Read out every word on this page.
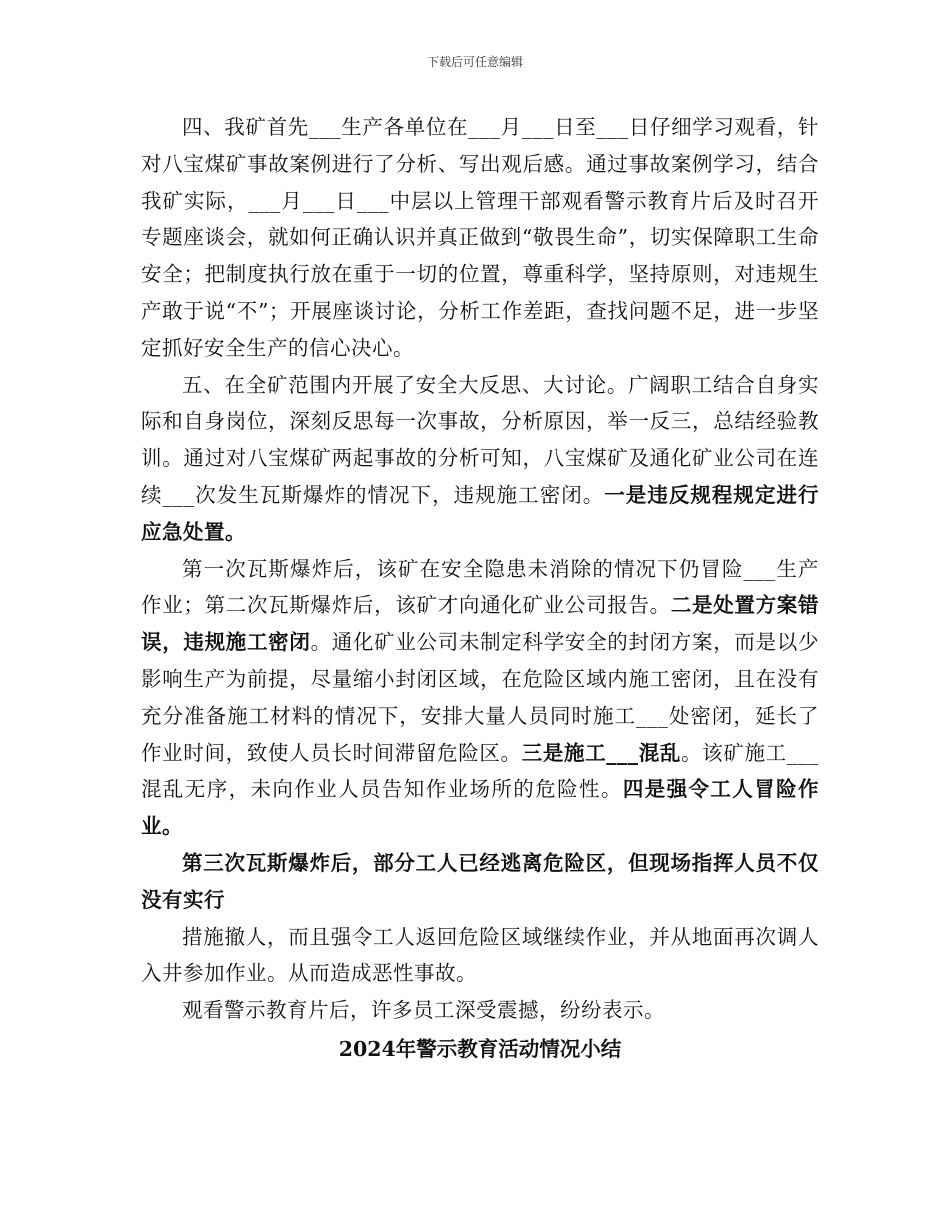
下载后可任意编辑

四、我矿首先___生产各单位在___月___日至___日仔细学习观看，针对八宝煤矿事故案例进行了分析、写出观后感。通过事故案例学习，结合我矿实际，___月___日___中层以上管理干部观看警示教育片后及时召开专题座谈会，就如何正确认识并真正做到“敬畏生命”，切实保障职工生命安全；把制度执行放在重于一切的位置，尊重科学，坚持原则，对违规生产敢于说“不”；开展座谈讨论，分析工作差距，查找问题不足，进一步坚定抓好安全生产的信心决心。

五、在全矿范围内开展了安全大反思、大讨论。广阔职工结合自身实际和自身岗位，深刻反思每一次事故，分析原因，举一反三，总结经验教训。通过对八宝煤矿两起事故的分析可知，八宝煤矿及通化矿业公司在连续___次发生瓦斯爆炸的情况下，违规施工密闭。一是违反规程规定进行应急处置。

第一次瓦斯爆炸后，该矿在安全隐患未消除的情况下仍冒险___生产作业；第二次瓦斯爆炸后，该矿才向通化矿业公司报告。二是处置方案错误，违规施工密闭。通化矿业公司未制定科学安全的封闭方案，而是以少影响生产为前提，尽量缩小封闭区域，在危险区域内施工密闭，且在没有充分准备施工材料的情况下，安排大量人员同时施工___处密闭，延长了作业时间，致使人员长时间滞留危险区。三是施工___混乱。该矿施工___混乱无序，未向作业人员告知作业场所的危险性。四是强令工人冒险作业。

第三次瓦斯爆炸后，部分工人已经逃离危险区，但现场指挥人员不仅没有实行

措施撤人，而且强令工人返回危险区域继续作业，并从地面再次调人入井参加作业。从而造成恶性事故。

观看警示教育片后，许多员工深受震撼，纷纷表示。

2024年警示教育活动情况小结
